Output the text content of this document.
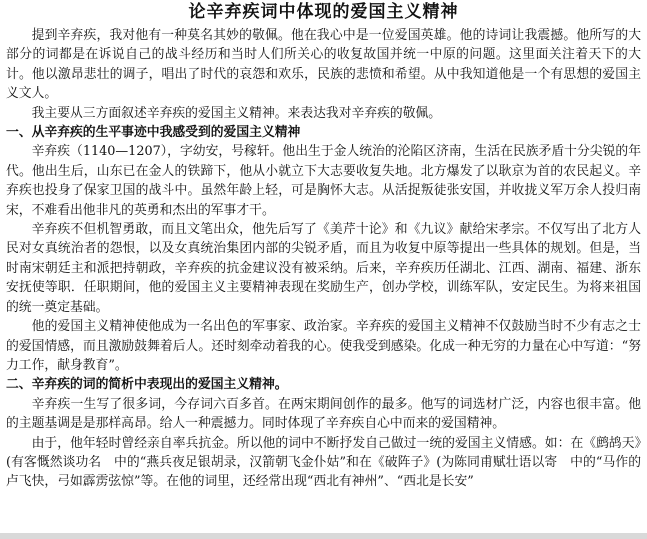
论辛弃疾词中体现的爱国主义精神

提到辛弃疾，我对他有一种莫名其妙的敬佩。他在我心中是一位爱国英雄。他的诗词让我震撼。他所写的大部分的词都是在诉说自己的战斗经历和当时人们所关心的收复故国并统一中原的问题。这里面关注着天下的大计。他以激昂悲壮的调子，唱出了时代的哀怨和欢乐，民族的悲愤和希望。从中我知道他是一个有思想的爱国主义文人。

我主要从三方面叙述辛弃疾的爱国主义精神。来表达我对辛弃疾的敬佩。

一、从辛弃疾的生平事迹中我感受到的爱国主义精神

辛弃疾（1140—1207），字幼安，号稼轩。他出生于金人统治的沦陷区济南，生活在民族矛盾十分尖锐的年代。他出生后，山东已在金人的铁蹄下，他从小就立下大志要收复失地。北方爆发了以耿京为首的农民起义。辛弃疾也投身了保家卫国的战斗中。虽然年龄上轻，可是胸怀大志。从活捉叛徒张安国，并收拢义军万余人投归南宋，不难看出他非凡的英勇和杰出的军事才干。

辛弃疾不但机智勇敢，而且文笔出众，他先后写了《美芹十论》和《九议》献给宋孝宗。不仅写出了北方人民对女真统治者的怨恨，以及女真统治集团内部的尖锐矛盾，而且为收复中原等提出一些具体的规划。但是，当时南宋朝廷主和派把持朝政，辛弃疾的抗金建议没有被采纳。后来，辛弃疾历任湖北、江西、湖南、福建、浙东安抚使等职．任职期间，他的爱国主义主要精神表现在奖励生产，创办学校，训练军队，安定民生。为将来祖国的统一奠定基础。

他的爱国主义精神使他成为一名出色的军事家、政治家。辛弃疾的爱国主义精神不仅鼓励当时不少有志之士的爱国情感，而且激励鼓舞着后人。还时刻牵动着我的心。使我受到感染。化成一种无穷的力量在心中写道：“努力工作，献身教育”。

二、辛弃疾的词的简析中表现出的爱国主义精神。

辛弃疾一生写了很多词，今存词六百多首。在两宋期间创作的最多。他写的词选材广泛，内容也很丰富。他的主题基调是是那样高昂。给人一种震撼力。同时体现了辛弃疾自心中而来的爱国精神。

由于，他年轻时曾经亲自率兵抗金。所以他的词中不断抒发自己做过一统的爱国主义情感。如：在《鹧鸪天》(有客慨然谈功名　中的“燕兵夜足银胡录，汉箭朝飞金仆姑”和在《破阵子》(为陈同甫赋壮语以寄　中的“马作的卢飞快，弓如霹雳弦惊”等。在他的词里，还经常出现“西北有神州”、“西北是长安”
